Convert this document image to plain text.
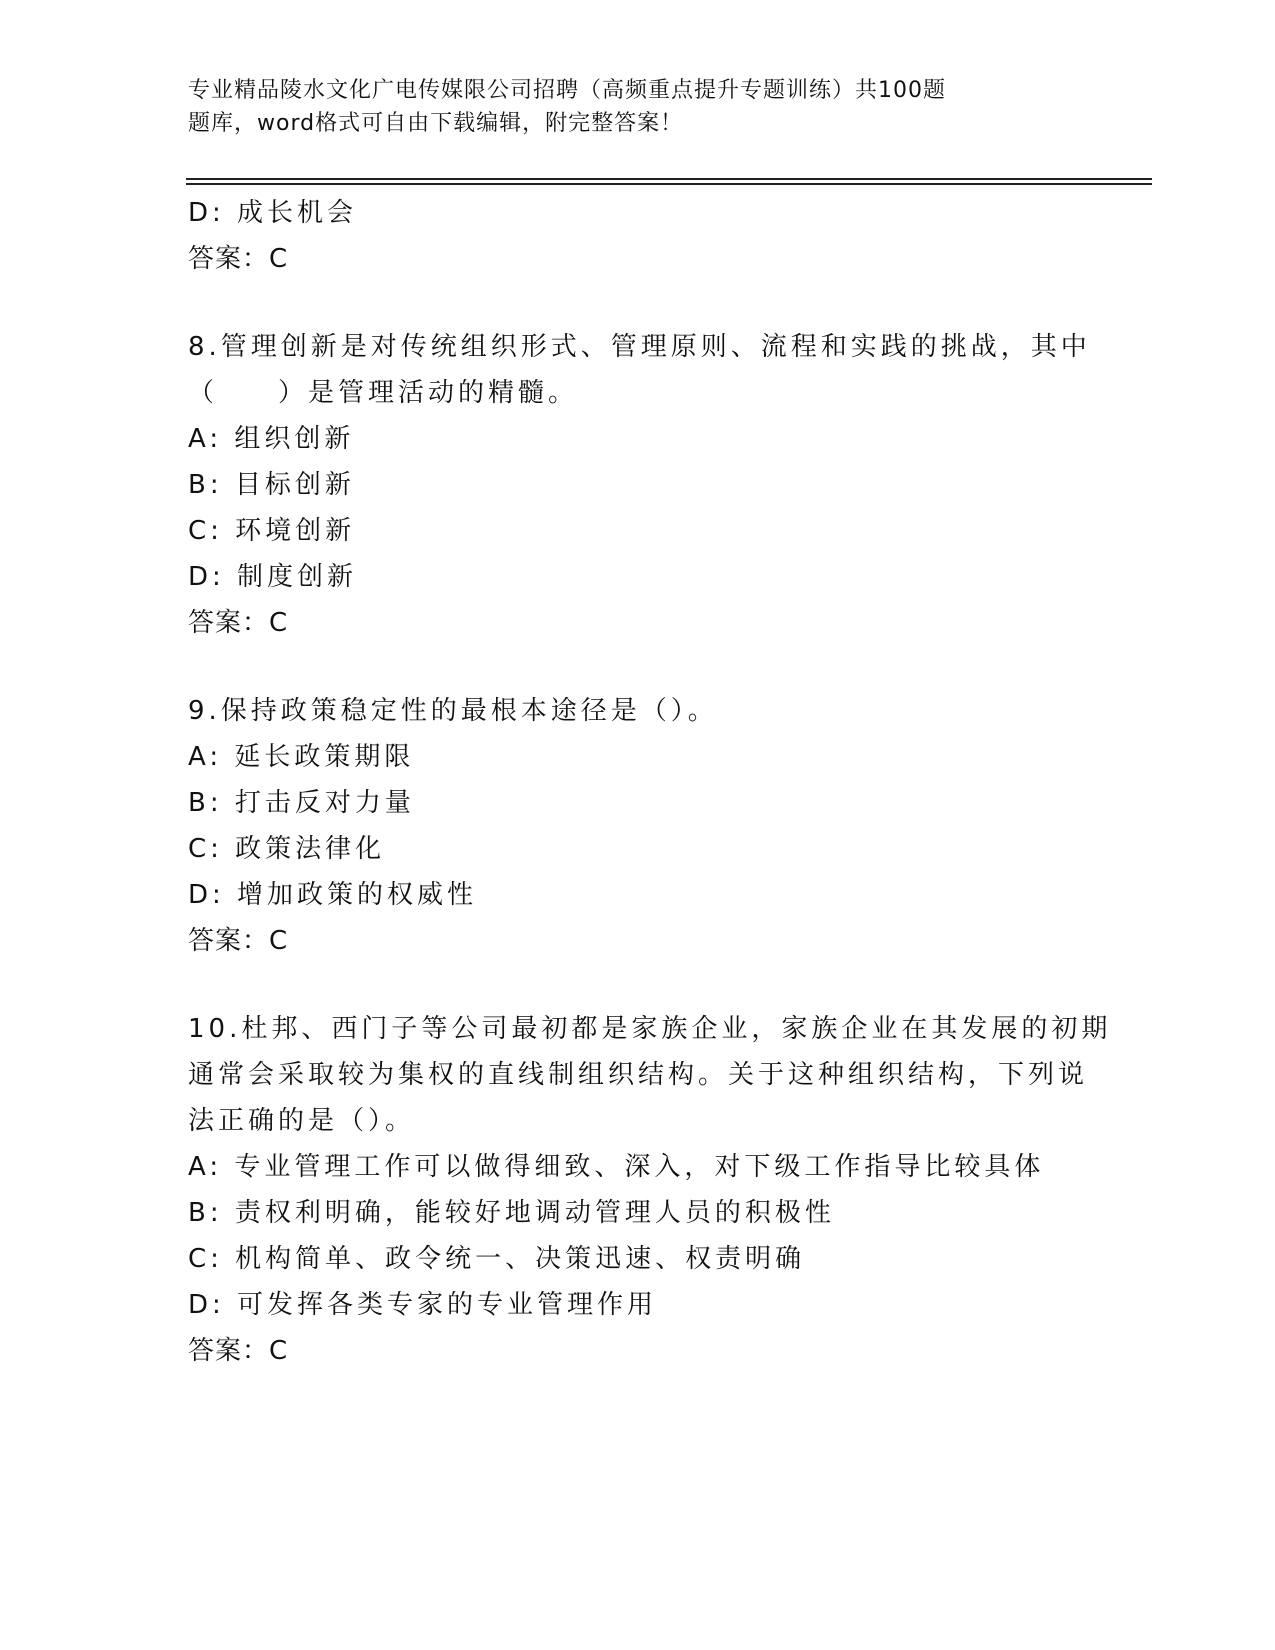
专业精品陵水文化广电传媒限公司招聘（高频重点提升专题训练）共100题
题库，word格式可自由下载编辑，附完整答案！
D: 成长机会
答案：C
8.管理创新是对传统组织形式、管理原则、流程和实践的挑战，其中
（　　）是管理活动的精髓。
A: 组织创新
B: 目标创新
C: 环境创新
D: 制度创新
答案：C
9.保持政策稳定性的最根本途径是（）。
A: 延长政策期限
B: 打击反对力量
C: 政策法律化
D: 增加政策的权威性
答案：C
10.杜邦、西门子等公司最初都是家族企业，家族企业在其发展的初期
通常会采取较为集权的直线制组织结构。关于这种组织结构，下列说
法正确的是（）。
A: 专业管理工作可以做得细致、深入，对下级工作指导比较具体
B: 责权利明确，能较好地调动管理人员的积极性
C: 机构简单、政令统一、决策迅速、权责明确
D: 可发挥各类专家的专业管理作用
答案：C
